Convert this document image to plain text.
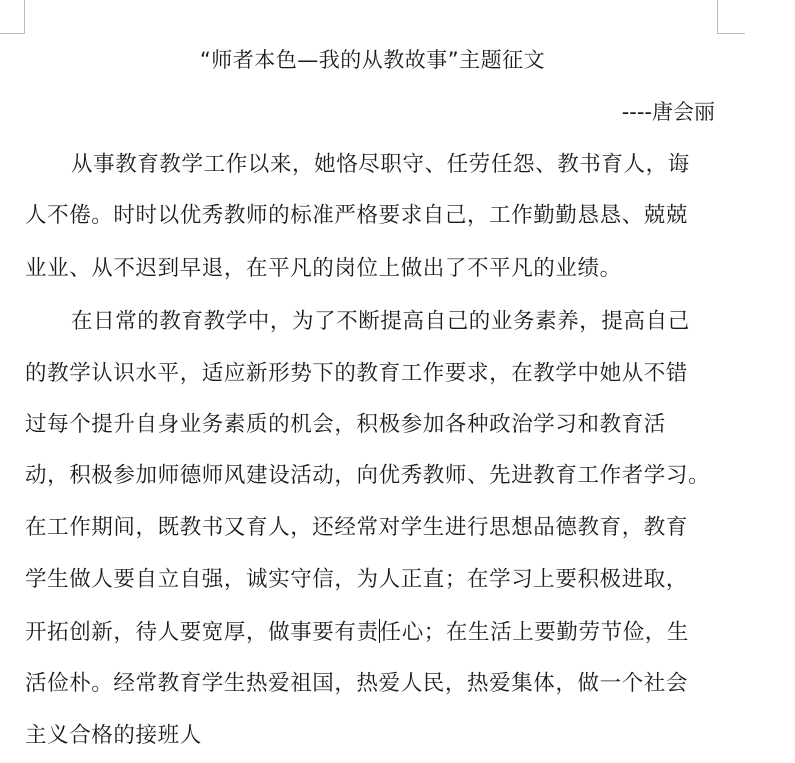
“师者本色—我的从教故事”主题征文
----唐会丽
从事教育教学工作以来，她恪尽职守、任劳任怨、教书育人，诲
人不倦。时时以优秀教师的标准严格要求自己，工作勤勤恳恳、兢兢
业业、从不迟到早退，在平凡的岗位上做出了不平凡的业绩。
在日常的教育教学中，为了不断提高自己的业务素养，提高自己
的教学认识水平，适应新形势下的教育工作要求，在教学中她从不错
过每个提升自身业务素质的机会，积极参加各种政治学习和教育活
动，积极参加师德师风建设活动，向优秀教师、先进教育工作者学习。
在工作期间，既教书又育人，还经常对学生进行思想品德教育，教育
学生做人要自立自强，诚实守信，为人正直；在学习上要积极进取，
开拓创新，待人要宽厚，做事要有责任心；在生活上要勤劳节俭，生
活俭朴。经常教育学生热爱祖国，热爱人民，热爱集体，做一个社会
主义合格的接班人
